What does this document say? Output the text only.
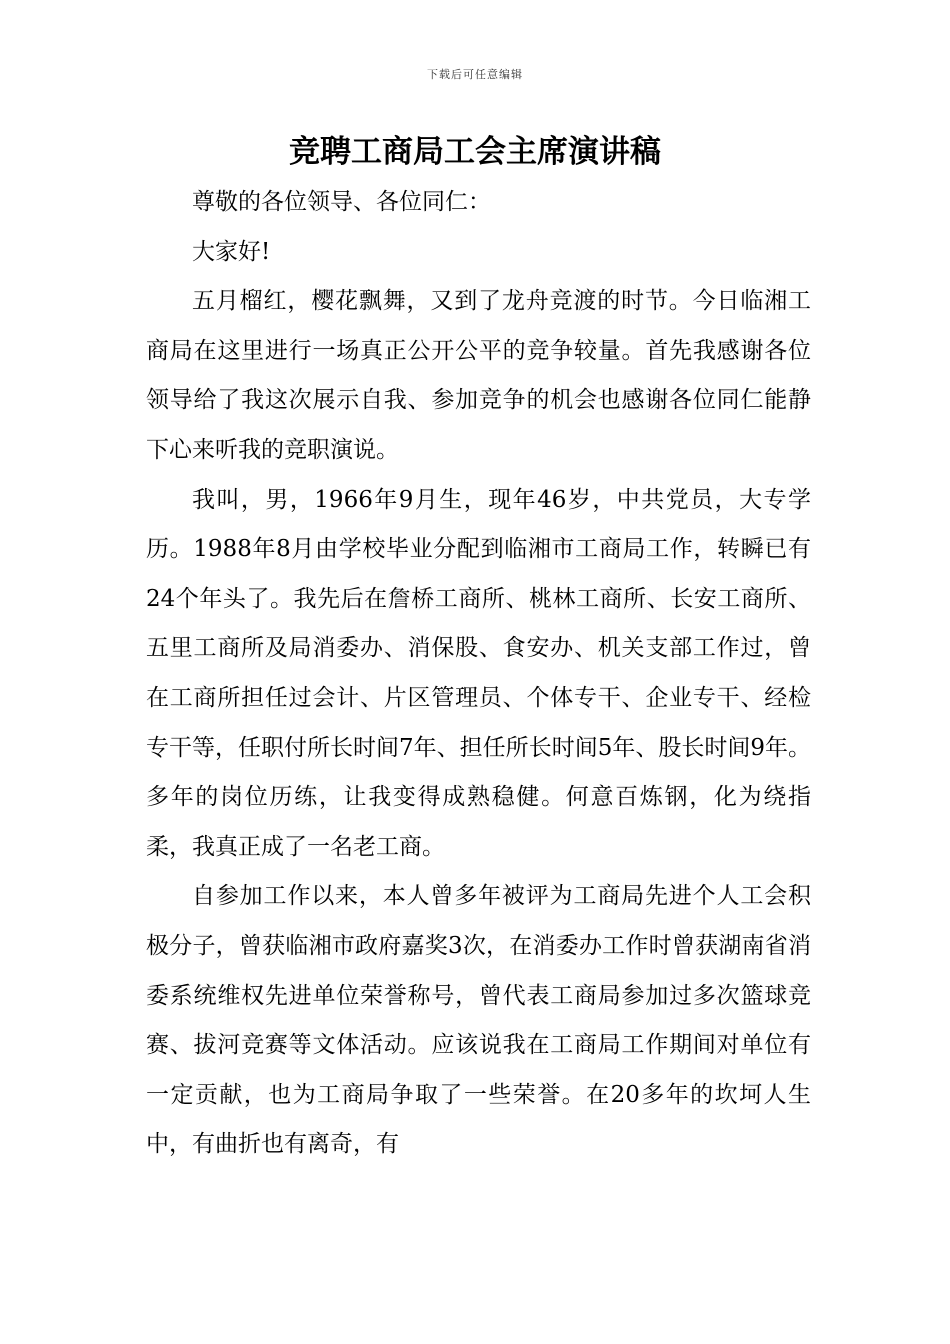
下载后可任意编辑
竞聘工商局工会主席演讲稿

尊敬的各位领导、各位同仁：

大家好!

五月榴红，樱花飘舞，又到了龙舟竞渡的时节。今日临湘工商局在这里进行一场真正公开公平的竞争较量。首先我感谢各位领导给了我这次展示自我、参加竞争的机会也感谢各位同仁能静下心来听我的竞职演说。

我叫，男，1966年9月生，现年46岁，中共党员，大专学历。1988年8月由学校毕业分配到临湘市工商局工作，转瞬已有24个年头了。我先后在詹桥工商所、桃林工商所、长安工商所、五里工商所及局消委办、消保股、食安办、机关支部工作过，曾在工商所担任过会计、片区管理员、个体专干、企业专干、经检专干等，任职付所长时间7年、担任所长时间5年、股长时间9年。多年的岗位历练，让我变得成熟稳健。何意百炼钢，化为绕指柔，我真正成了一名老工商。

自参加工作以来，本人曾多年被评为工商局先进个人工会积极分子，曾获临湘市政府嘉奖3次，在消委办工作时曾获湖南省消委系统维权先进单位荣誉称号，曾代表工商局参加过多次篮球竞赛、拔河竞赛等文体活动。应该说我在工商局工作期间对单位有一定贡献，也为工商局争取了一些荣誉。在20多年的坎坷人生中，有曲折也有离奇，有
